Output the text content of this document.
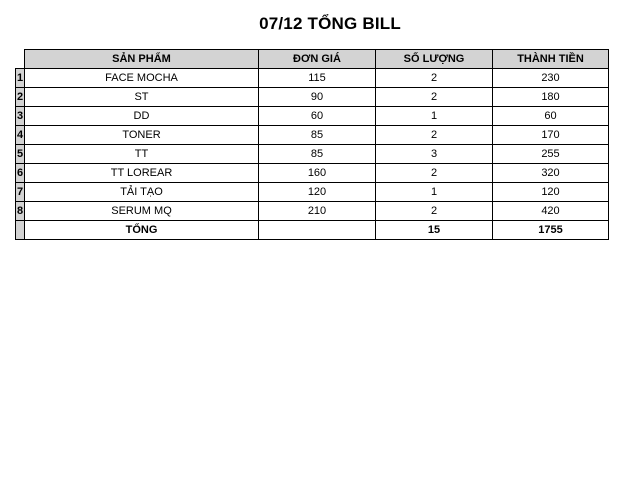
07/12 TỔNG BILL
	SẢN PHẨM	ĐƠN GIÁ	SỐ LƯỢNG	THÀNH TIỀN
1	FACE MOCHA	115	2	230
2	ST	90	2	180
3	DD	60	1	60
4	TONER	85	2	170
5	TT	85	3	255
6	TT LOREAR	160	2	320
7	TẢI TẠO	120	1	120
8	SERUM MQ	210	2	420
	TỔNG		15	1755
